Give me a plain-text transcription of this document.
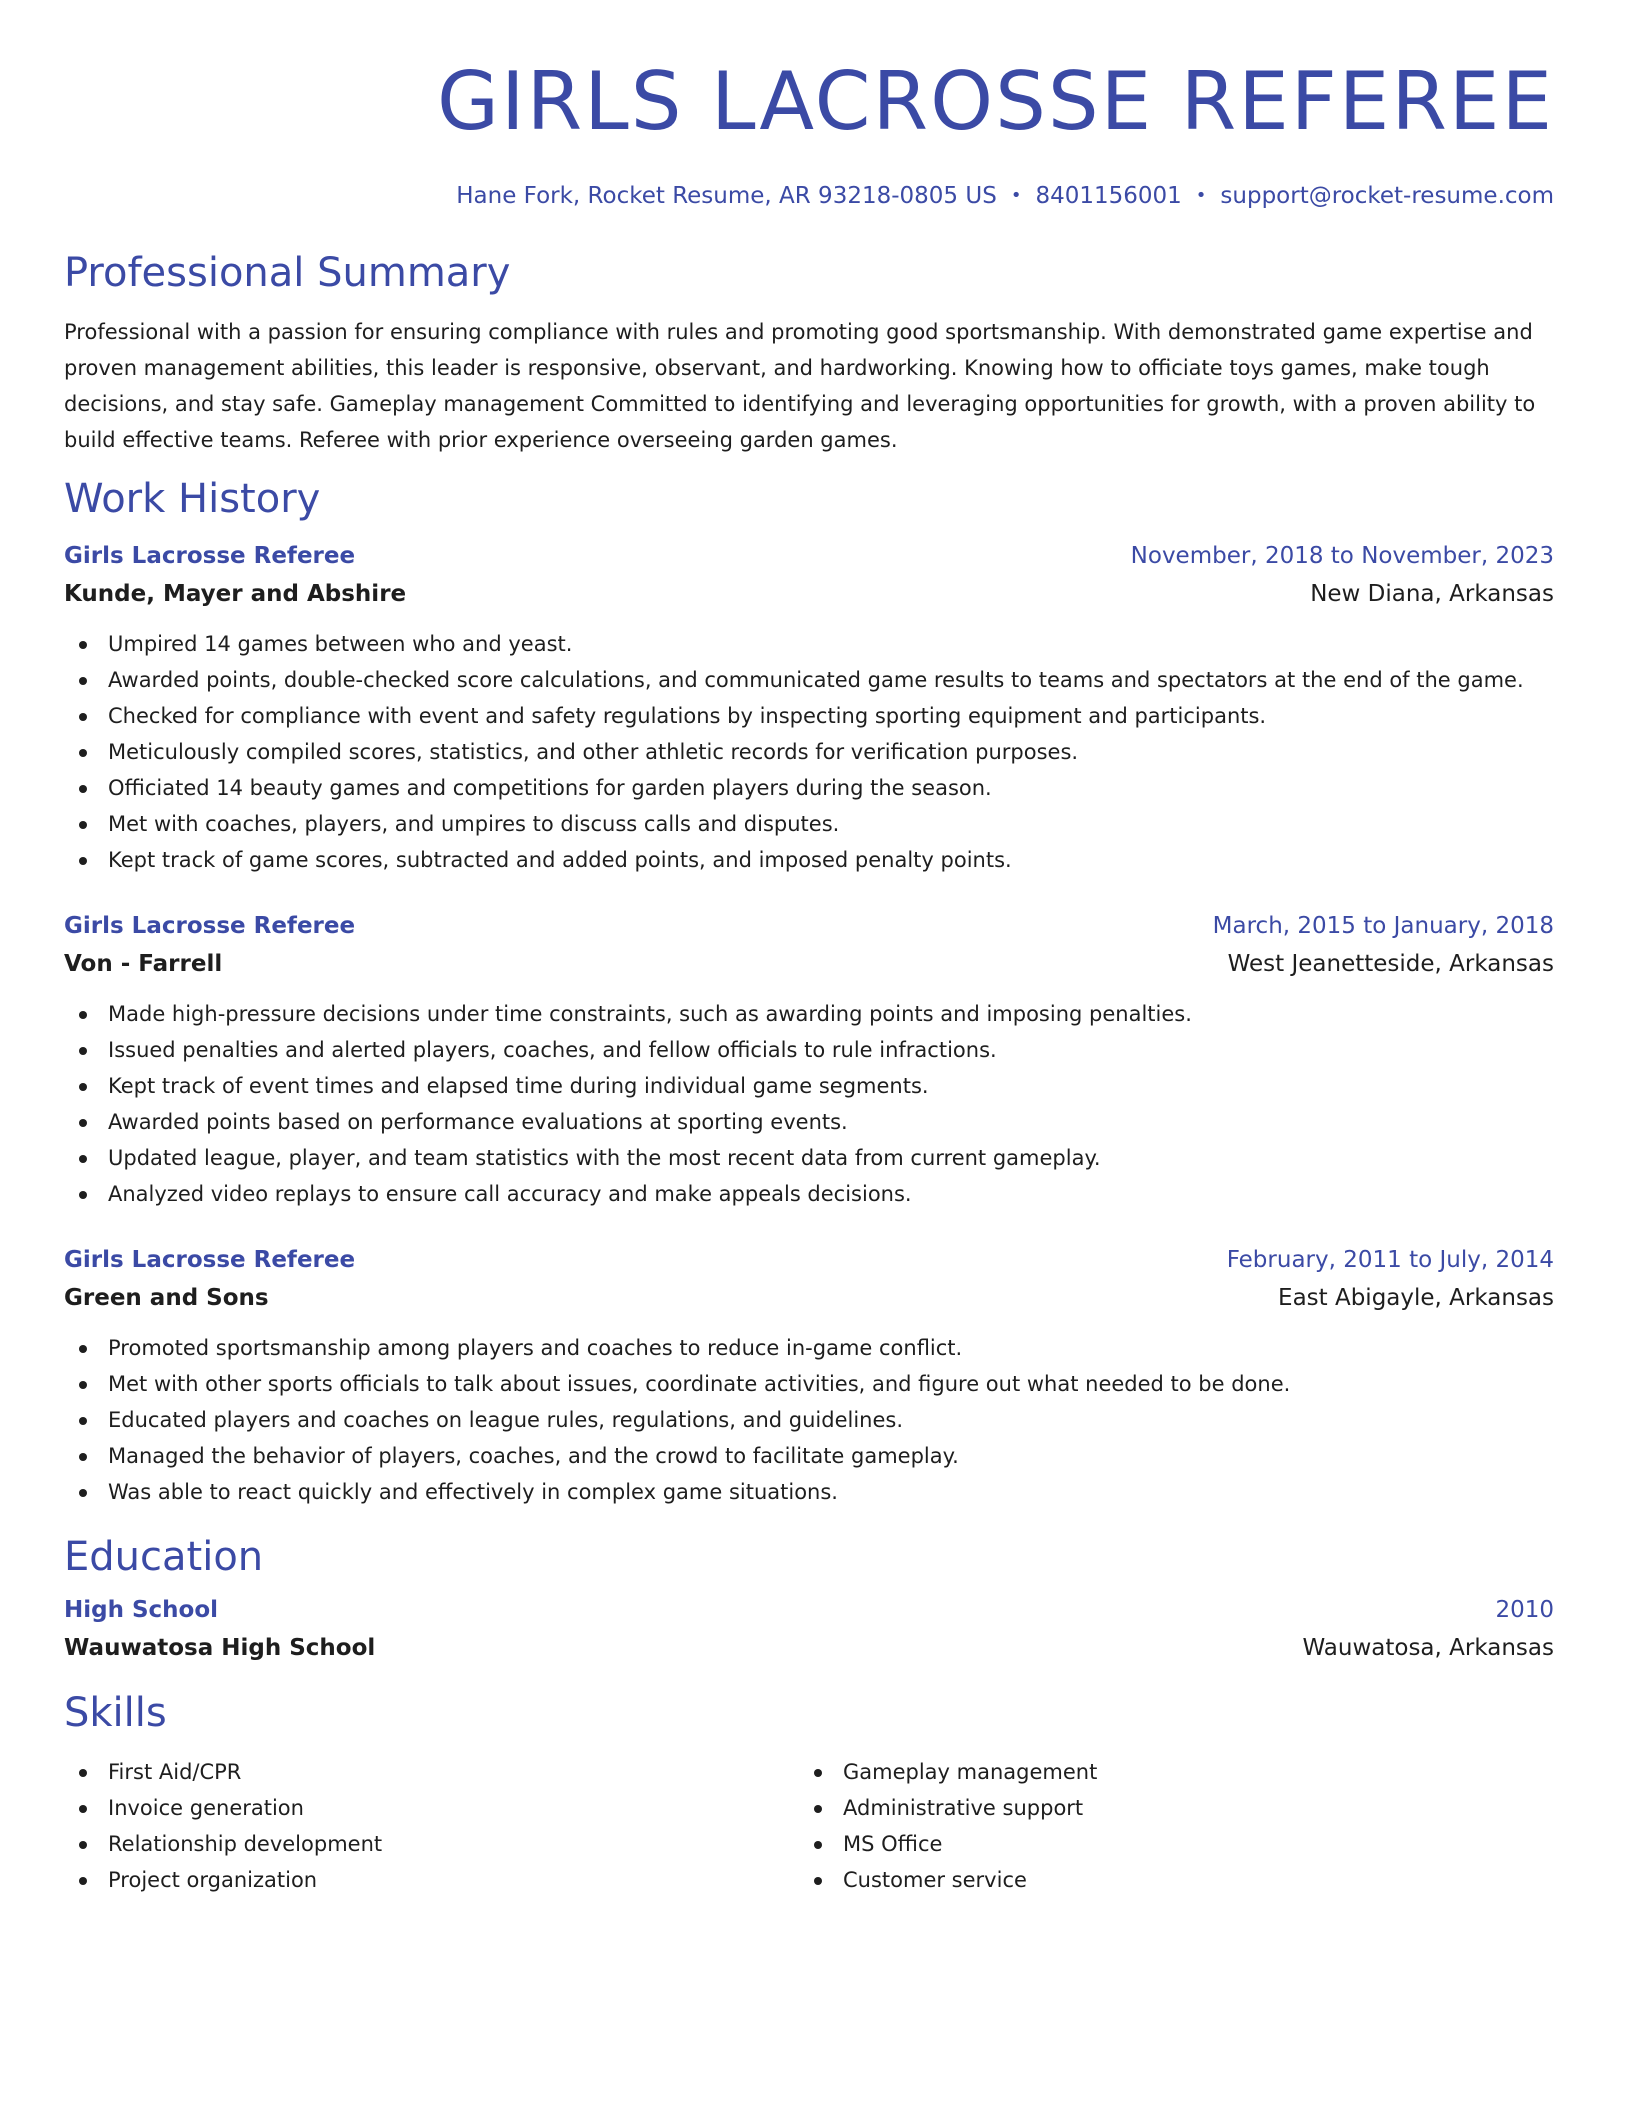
GIRLS LACROSSE REFEREE
Hane Fork, Rocket Resume, AR 93218-0805 US • 8401156001 • support@rocket-resume.com
Professional Summary
Professional with a passion for ensuring compliance with rules and promoting good sportsmanship. With demonstrated game expertise and proven management abilities, this leader is responsive, observant, and hardworking. Knowing how to officiate toys games, make tough decisions, and stay safe. Gameplay management Committed to identifying and leveraging opportunities for growth, with a proven ability to build effective teams. Referee with prior experience overseeing garden games.
Work History
Girls Lacrosse Referee	November, 2018 to November, 2023
Kunde, Mayer and Abshire	New Diana, Arkansas
Umpired 14 games between who and yeast.
Awarded points, double-checked score calculations, and communicated game results to teams and spectators at the end of the game.
Checked for compliance with event and safety regulations by inspecting sporting equipment and participants.
Meticulously compiled scores, statistics, and other athletic records for verification purposes.
Officiated 14 beauty games and competitions for garden players during the season.
Met with coaches, players, and umpires to discuss calls and disputes.
Kept track of game scores, subtracted and added points, and imposed penalty points.
Girls Lacrosse Referee	March, 2015 to January, 2018
Von - Farrell	West Jeanetteside, Arkansas
Made high-pressure decisions under time constraints, such as awarding points and imposing penalties.
Issued penalties and alerted players, coaches, and fellow officials to rule infractions.
Kept track of event times and elapsed time during individual game segments.
Awarded points based on performance evaluations at sporting events.
Updated league, player, and team statistics with the most recent data from current gameplay.
Analyzed video replays to ensure call accuracy and make appeals decisions.
Girls Lacrosse Referee	February, 2011 to July, 2014
Green and Sons	East Abigayle, Arkansas
Promoted sportsmanship among players and coaches to reduce in-game conflict.
Met with other sports officials to talk about issues, coordinate activities, and figure out what needed to be done.
Educated players and coaches on league rules, regulations, and guidelines.
Managed the behavior of players, coaches, and the crowd to facilitate gameplay.
Was able to react quickly and effectively in complex game situations.
Education
High School	2010
Wauwatosa High School	Wauwatosa, Arkansas
Skills
First Aid/CPR
Invoice generation
Relationship development
Project organization
Gameplay management
Administrative support
MS Office
Customer service
